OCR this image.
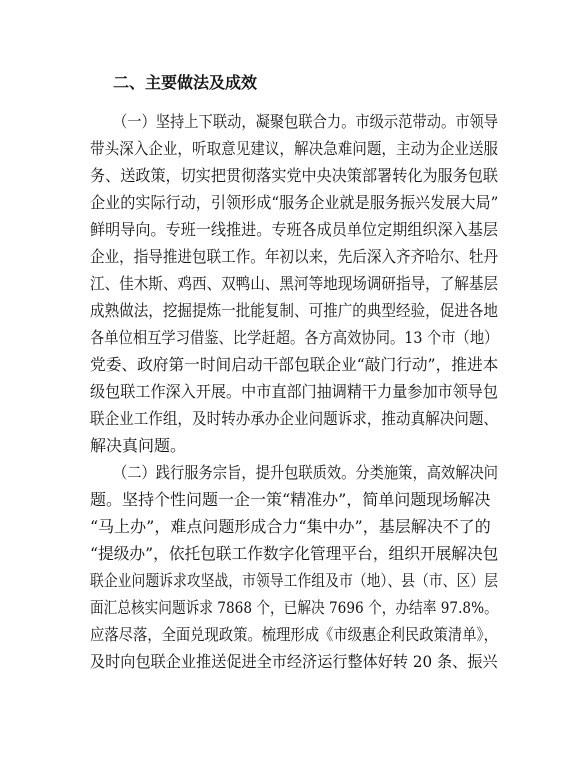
二、主要做法及成效
（一）坚持上下联动，凝聚包联合力。市级示范带动。市领导
带头深入企业，听取意见建议，解决急难问题，主动为企业送服
务、送政策，切实把贯彻落实党中央决策部署转化为服务包联
企业的实际行动，引领形成“服务企业就是服务振兴发展大局”
鲜明导向。专班一线推进。专班各成员单位定期组织深入基层
企业，指导推进包联工作。年初以来，先后深入齐齐哈尔、牡丹
江、佳木斯、鸡西、双鸭山、黑河等地现场调研指导，了解基层
成熟做法，挖掘提炼一批能复制、可推广的典型经验，促进各地
各单位相互学习借鉴、比学赶超。各方高效协同。13 个市（地）
党委、政府第一时间启动干部包联企业“敲门行动”，推进本
级包联工作深入开展。中市直部门抽调精干力量参加市领导包
联企业工作组，及时转办承办企业问题诉求，推动真解决问题、
解决真问题。
（二）践行服务宗旨，提升包联质效。分类施策，高效解决问
题。坚持个性问题一企一策“精准办”，简单问题现场解决
“马上办”，难点问题形成合力“集中办”，基层解决不了的
“提级办”，依托包联工作数字化管理平台，组织开展解决包
联企业问题诉求攻坚战，市领导工作组及市（地）、县（市、区）层
面汇总核实问题诉求 7868 个，已解决 7696 个，办结率 97.8%。
应落尽落，全面兑现政策。梳理形成《市级惠企利民政策清单》，
及时向包联企业推送促进全市经济运行整体好转 20 条、振兴
